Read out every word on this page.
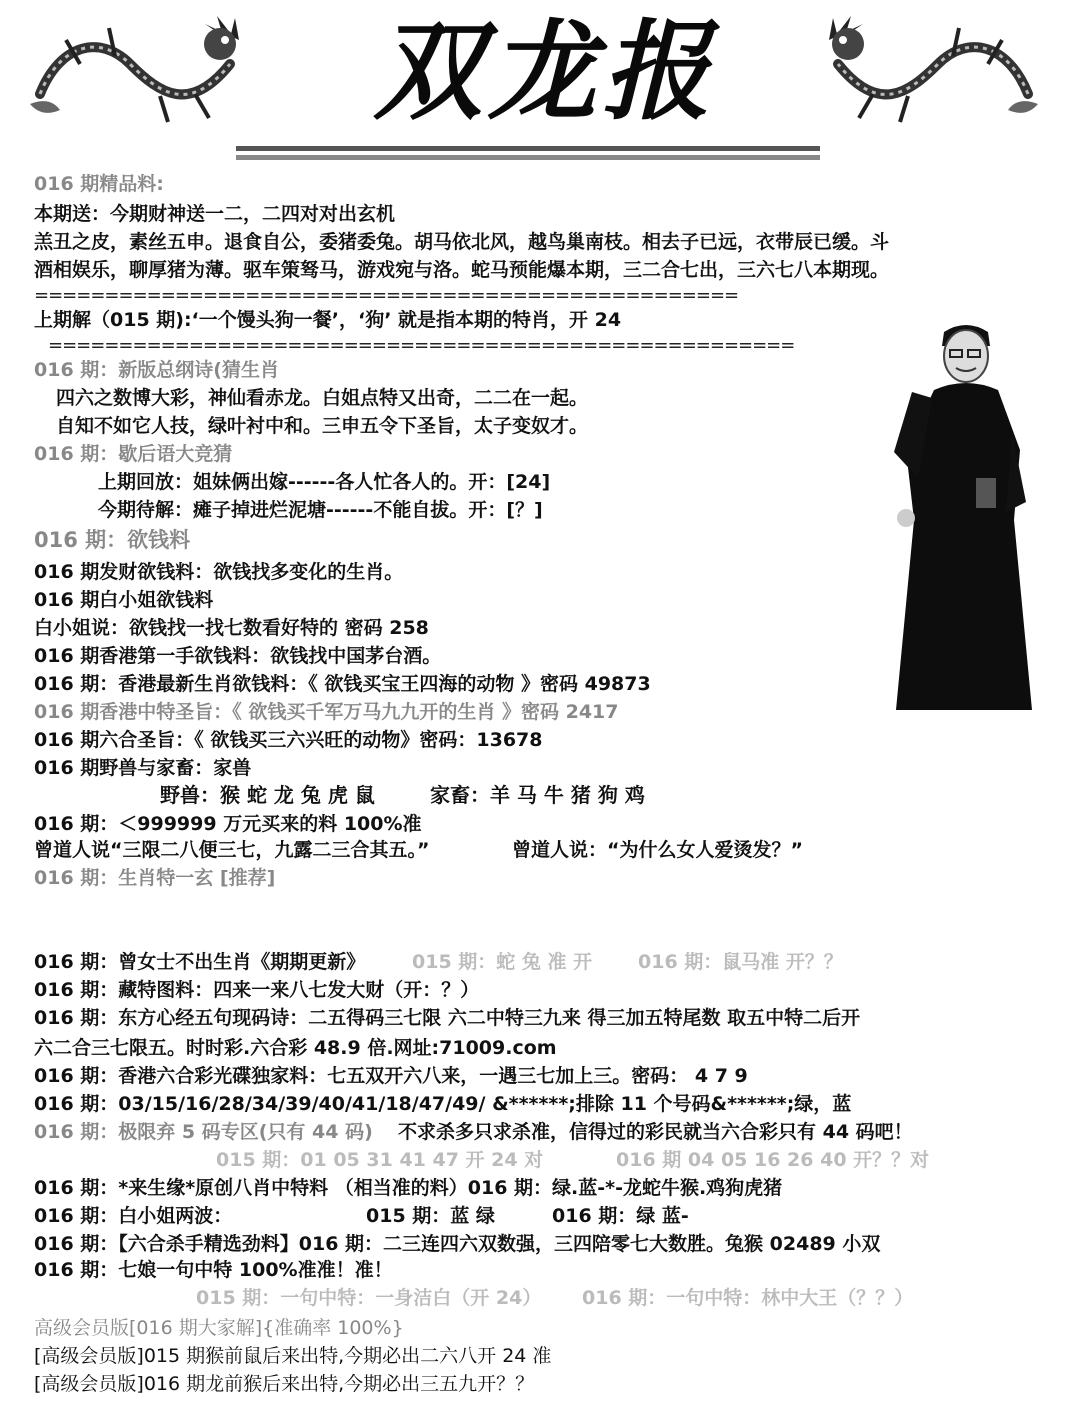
双龙报
016 期精品料:
本期送：今期财神送一二，二四对对出玄机
羔丑之皮，素丝五申。退食自公，委猪委兔。胡马依北风，越鸟巢南枝。相去子已远，衣带辰已缓。斗
酒相娱乐，聊厚猪为薄。驱车策驽马，游戏宛与洛。蛇马预能爆本期，三二合七出，三六七八本期现。
==================================================
上期解（015 期):‘一个馒头狗一餐’，‘狗’ 就是指本期的特肖，开 24
=====================================================
016 期：新版总纲诗(猜生肖
四六之数博大彩，神仙看赤龙。白姐点特又出奇，二二在一起。
自知不如它人技，绿叶衬中和。三申五令下圣旨，太子变奴才。
016 期：歇后语大竞猜
上期回放：姐妹俩出嫁------各人忙各人的。开：[24]
今期待解：瘫子掉进烂泥塘------不能自拔。开：[？]
016 期：欲钱料
016 期发财欲钱料：欲钱找多变化的生肖。
016 期白小姐欲钱料
白小姐说：欲钱找一找七数看好特的 密码 258
016 期香港第一手欲钱料：欲钱找中国茅台酒。
016 期：香港最新生肖欲钱料：《 欲钱买宝王四海的动物 》密码 49873
016 期香港中特圣旨：《 欲钱买千军万马九九开的生肖 》密码 2417
016 期六合圣旨：《 欲钱买三六兴旺的动物》密码：13678
016 期野兽与家畜：家兽
野兽：猴 蛇 龙 兔 虎 鼠	家畜：羊 马 牛 猪 狗 鸡
016 期：＜999999 万元买来的料 100%准
曾道人说“三限二八便三七，九露二三合其五。”	曾道人说：“为什么女人爱烫发？”
016 期：生肖特一玄 [推荐]
016 期：曾女士不出生肖《期期更新》 015 期：蛇 兔 准 开 016 期：鼠马准 开？？
016 期：藏特图料：四来一来八七发大财（开：？）
016 期：东方心经五句现码诗：二五得码三七限 六二中特三九来 得三加五特尾数 取五中特二后开
六二合三七限五。时时彩.六合彩 48.9 倍.网址:71009.com
016 期：香港六合彩光碟独家料：七五双开六八来，一遇三七加上三。密码： 4 7 9
016 期：03/15/16/28/34/39/40/41/18/47/49/ &******;排除 11 个号码&******;绿，蓝
016 期：极限弃 5 码专区(只有 44 码) 不求杀多只求杀准，信得过的彩民就当六合彩只有 44 码吧！
015 期：01 05 31 41 47 开 24 对	016 期 04 05 16 26 40 开？？对
016 期：*来生缘*原创八肖中特料 （相当准的料）016 期：绿.蓝-*-龙蛇牛猴.鸡狗虎猪
016 期：白小姐两波：	015 期：蓝 绿	016 期：绿 蓝-
016 期：【六合杀手精选劲料】016 期：二三连四六双数强，三四陪零七大数胜。兔猴 02489 小双
016 期：七娘一句中特 100%准准！准！
015 期：一句中特：一身洁白（开 24） 016 期：一句中特：林中大王（？？）
高级会员版[016 期大家解]{准确率 100%}
[高级会员版]015 期猴前鼠后来出特,今期必出二六八开 24 准
[高级会员版]016 期龙前猴后来出特,今期必出三五九开？？
